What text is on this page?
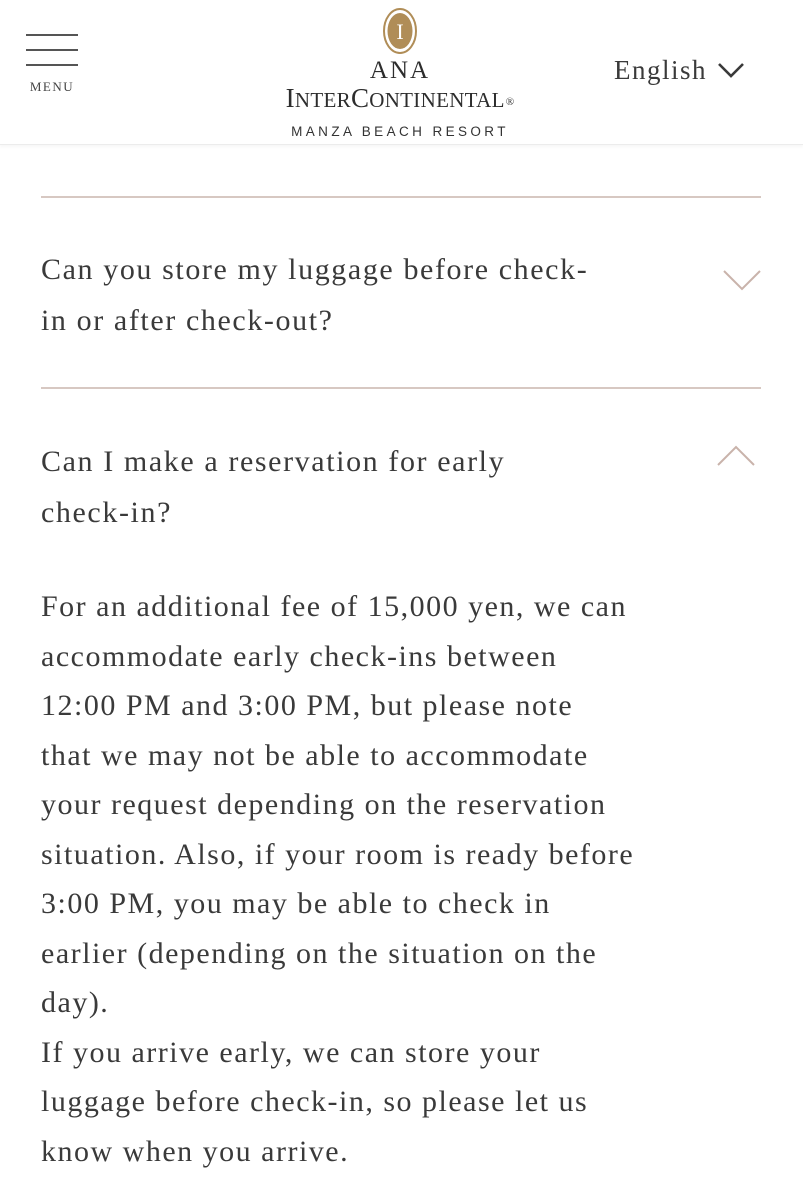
MENU
I
ANA
INTERCONTINENTAL®
MANZA BEACH RESORT
English
Can you store my luggage before check-
in or after check-out?
Can I make a reservation for early
check-in?

For an additional fee of 15,000 yen, we can

accommodate early check-ins between

12:00 PM and 3:00 PM, but please note

that we may not be able to accommodate

your request depending on the reservation

situation. Also, if your room is ready before

3:00 PM, you may be able to check in

earlier (depending on the situation on the

day).

If you arrive early, we can store your

luggage before check-in, so please let us

know when you arrive.
